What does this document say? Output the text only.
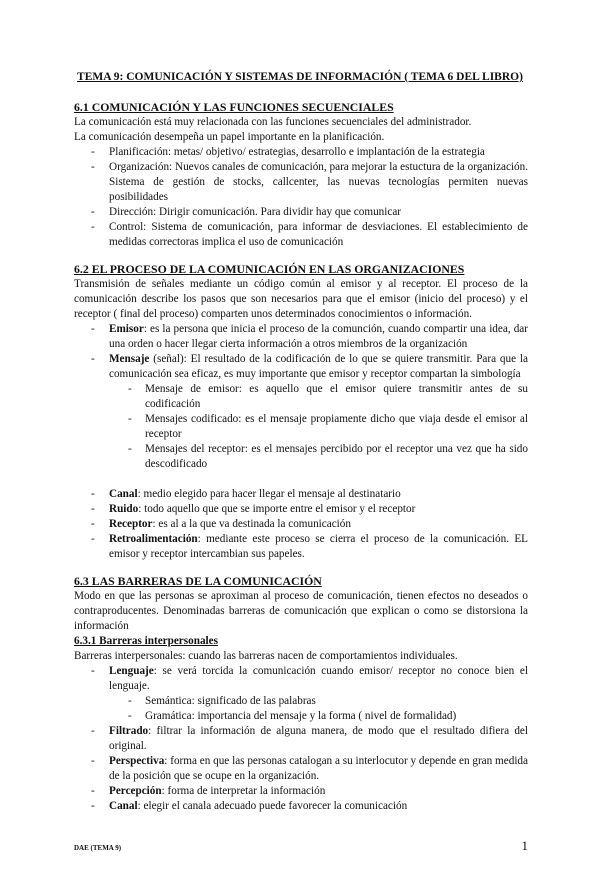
TEMA 9: COMUNICACIÓN Y SISTEMAS DE INFORMACIÓN ( TEMA 6 DEL LIBRO)
6.1 COMUNICACIÓN Y LAS FUNCIONES SECUENCIALES

La comunicación está muy relacionada con las funciones secuenciales del administrador.

La comunicación desempeña un papel importante en la planificación.

- Planificación: metas/ objetivo/ estrategias, desarrollo e implantación de la estrategia
- Organización: Nuevos canales de comunicación, para mejorar la estuctura de la organización. Sistema de gestión de stocks, callcenter, las nuevas tecnologías permiten nuevas posibilidades
- Dirección: Dirigir comunicación. Para dividir hay que comunicar
- Control: Sistema de comunicación, para informar de desviaciones. El establecimiento de medidas correctoras implica el uso de comunicación
6.2 EL PROCESO DE LA COMUNICACIÓN EN LAS ORGANIZACIONES

Transmisión de señales mediante un código común al emisor y al receptor. El proceso de la comunicación describe los pasos que son necesarios para que el emisor (inicio del proceso) y el receptor ( final del proceso) comparten unos determinados conocimientos o información.

- Emisor: es la persona que inicia el proceso de la comunción, cuando compartir una idea, dar una orden o hacer llegar cierta información a otros miembros de la organización
- Mensaje (señal): El resultado de la codificación de lo que se quiere transmitir. Para que la comunicación sea eficaz, es muy importante que emisor y receptor compartan la simbología
- Mensaje de emisor: es aquello que el emisor quiere transmitir antes de su codificación
- Mensajes codificado: es el mensaje propiamente dicho que viaja desde el emisor al receptor
- Mensajes del receptor: es el mensajes percibido por el receptor una vez que ha sido descodificado
- Canal: medio elegido para hacer llegar el mensaje al destinatario
- Ruido: todo aquello que que se importe entre el emisor y el receptor
- Receptor: es al a la que va destinada la comunicación
- Retroalimentación: mediante este proceso se cierra el proceso de la comunicación. EL emisor y receptor intercambian sus papeles.
6.3 LAS BARRERAS DE LA COMUNICACIÓN

Modo en que las personas se aproximan al proceso de comunicación, tienen efectos no deseados o contraproducentes. Denominadas barreras de comunicación que explican o como se distorsiona la información

6.3.1 Barreras interpersonales

Barreras interpersonales: cuando las barreras nacen de comportamientos individuales.

- Lenguaje: se verá torcida la comunicación cuando emisor/ receptor no conoce bien el lenguaje.
- Semántica: significado de las palabras
- Gramática: importancia del mensaje y la forma ( nivel de formalidad)
- Filtrado: filtrar la información de alguna manera, de modo que el resultado difiera del original.
- Perspectiva: forma en que las personas catalogan a su interlocutor y depende en gran medida de la posición que se ocupe en la organización.
- Percepción: forma de interpretar la información
- Canal: elegir el canala adecuado puede favorecer la comunicación
DAE (TEMA 9)	1
